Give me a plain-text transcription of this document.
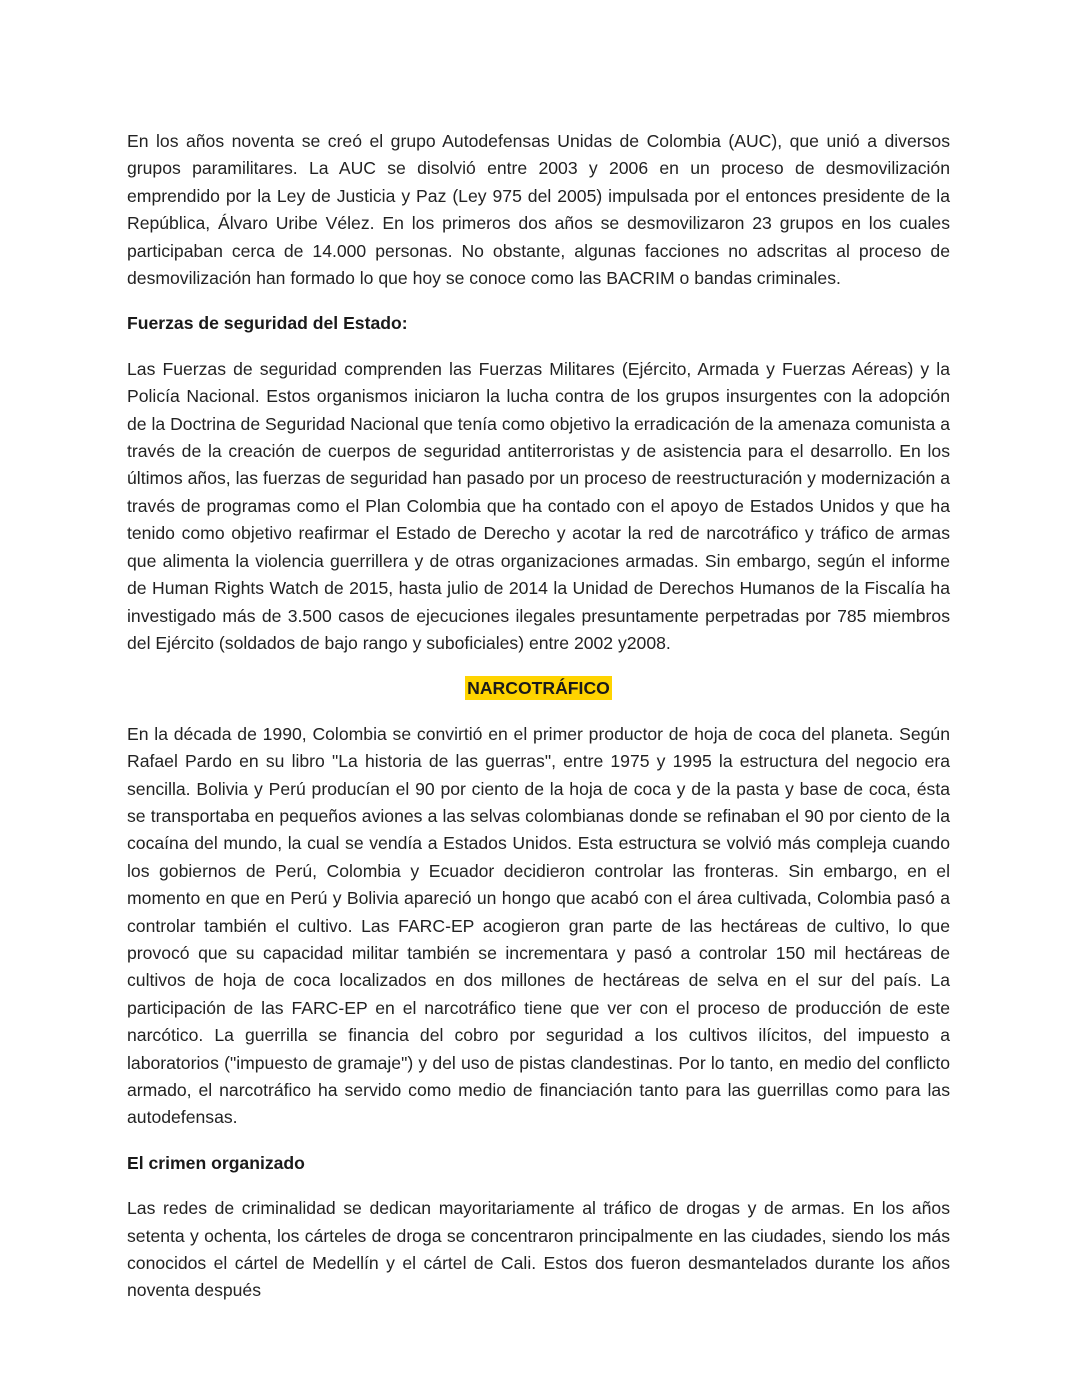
En los años noventa se creó el grupo Autodefensas Unidas de Colombia (AUC), que unió a diversos grupos paramilitares. La AUC se disolvió entre 2003 y 2006 en un proceso de desmovilización emprendido por la Ley de Justicia y Paz (Ley 975 del 2005) impulsada por el entonces presidente de la República, Álvaro Uribe Vélez. En los primeros dos años se desmovilizaron 23 grupos en los cuales participaban cerca de 14.000 personas. No obstante, algunas facciones no adscritas al proceso de desmovilización han formado lo que hoy se conoce como las BACRIM o bandas criminales.

Fuerzas de seguridad del Estado:

Las Fuerzas de seguridad comprenden las Fuerzas Militares (Ejército, Armada y Fuerzas Aéreas) y la Policía Nacional. Estos organismos iniciaron la lucha contra de los grupos insurgentes con la adopción de la Doctrina de Seguridad Nacional que tenía como objetivo la erradicación de la amenaza comunista a través de la creación de cuerpos de seguridad antiterroristas y de asistencia para el desarrollo. En los últimos años, las fuerzas de seguridad han pasado por un proceso de reestructuración y modernización a través de programas como el Plan Colombia que ha contado con el apoyo de Estados Unidos y que ha tenido como objetivo reafirmar el Estado de Derecho y acotar la red de narcotráfico y tráfico de armas que alimenta la violencia guerrillera y de otras organizaciones armadas. Sin embargo, según el informe de Human Rights Watch de 2015, hasta julio de 2014 la Unidad de Derechos Humanos de la Fiscalía ha investigado más de 3.500 casos de ejecuciones ilegales presuntamente perpetradas por 785 miembros del Ejército (soldados de bajo rango y suboficiales) entre 2002 y2008.

NARCOTRÁFICO

En la década de 1990, Colombia se convirtió en el primer productor de hoja de coca del planeta. Según Rafael Pardo en su libro "La historia de las guerras", entre 1975 y 1995 la estructura del negocio era sencilla. Bolivia y Perú producían el 90 por ciento de la hoja de coca y de la pasta y base de coca, ésta se transportaba en pequeños aviones a las selvas colombianas donde se refinaban el 90 por ciento de la cocaína del mundo, la cual se vendía a Estados Unidos. Esta estructura se volvió más compleja cuando los gobiernos de Perú, Colombia y Ecuador decidieron controlar las fronteras. Sin embargo, en el momento en que en Perú y Bolivia apareció un hongo que acabó con el área cultivada, Colombia pasó a controlar también el cultivo. Las FARC-EP acogieron gran parte de las hectáreas de cultivo, lo que provocó que su capacidad militar también se incrementara y pasó a controlar 150 mil hectáreas de cultivos de hoja de coca localizados en dos millones de hectáreas de selva en el sur del país. La participación de las FARC-EP en el narcotráfico tiene que ver con el proceso de producción de este narcótico. La guerrilla se financia del cobro por seguridad a los cultivos ilícitos, del impuesto a laboratorios ("impuesto de gramaje") y del uso de pistas clandestinas. Por lo tanto, en medio del conflicto armado, el narcotráfico ha servido como medio de financiación tanto para las guerrillas como para las autodefensas.

El crimen organizado

Las redes de criminalidad se dedican mayoritariamente al tráfico de drogas y de armas. En los años setenta y ochenta, los cárteles de droga se concentraron principalmente en las ciudades, siendo los más conocidos el cártel de Medellín y el cártel de Cali. Estos dos fueron desmantelados durante los años noventa después
